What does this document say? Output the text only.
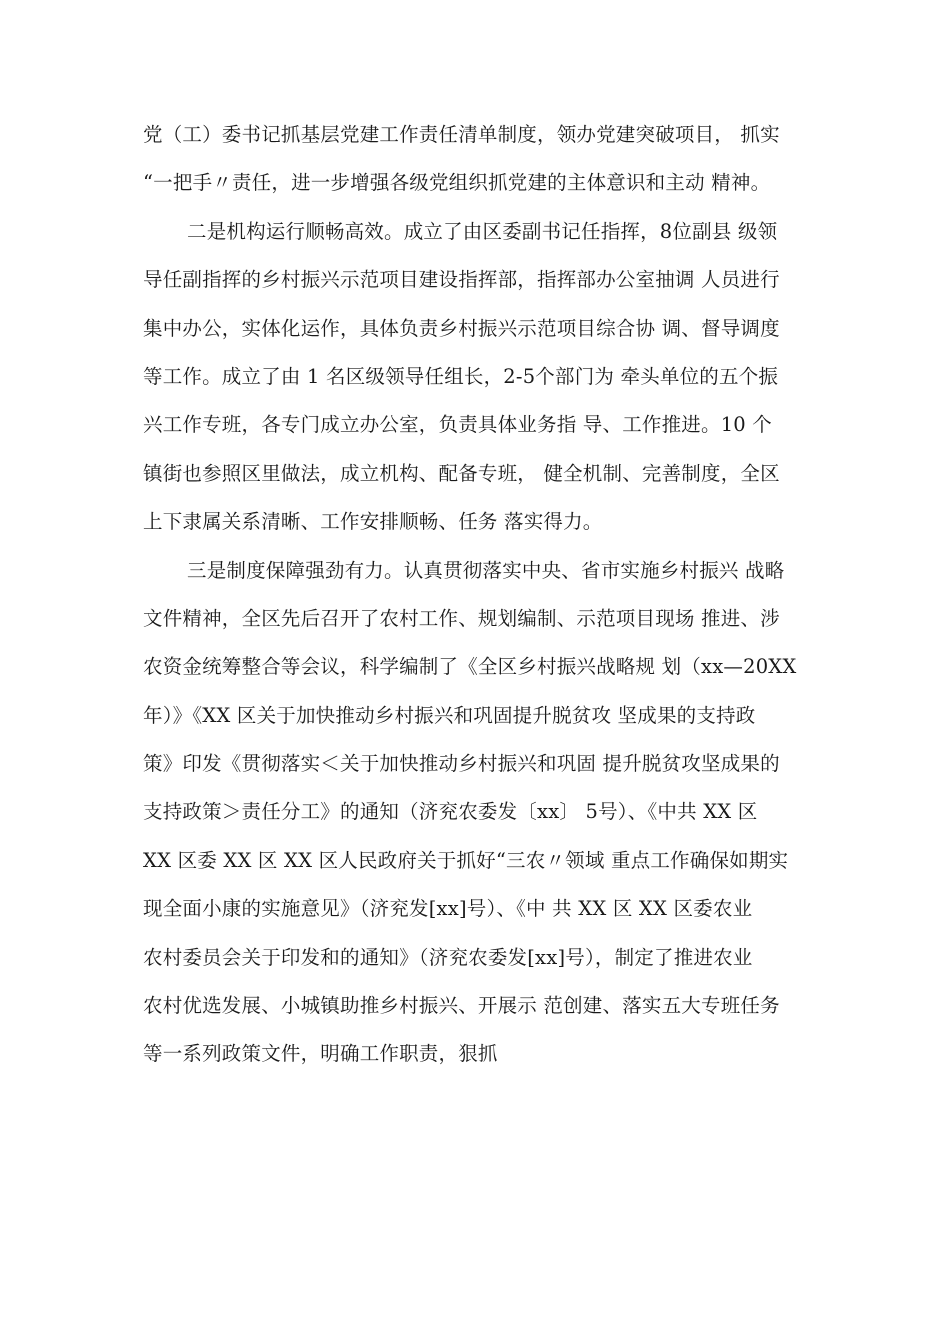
党（工）委书记抓基层党建工作责任清单制度，领办党建突破项目， 抓实
“一把手〃责任，进一步增强各级党组织抓党建的主体意识和主动 精神。
二是机构运行顺畅高效。成立了由区委副书记任指挥，8位副县 级领
导任副指挥的乡村振兴示范项目建设指挥部，指挥部办公室抽调 人员进行
集中办公，实体化运作，具体负责乡村振兴示范项目综合协 调、督导调度
等工作。成立了由 1 名区级领导任组长，2-5个部门为 牵头单位的五个振
兴工作专班，各专门成立办公室，负责具体业务指 导、工作推进。10 个
镇街也参照区里做法，成立机构、配备专班， 健全机制、完善制度，全区
上下隶属关系清晰、工作安排顺畅、任务 落实得力。
三是制度保障强劲有力。认真贯彻落实中央、省市实施乡村振兴 战略
文件精神，全区先后召开了农村工作、规划编制、示范项目现场 推进、涉
农资金统筹整合等会议，科学编制了《全区乡村振兴战略规 划（xx—20XX
年）》《XX 区关于加快推动乡村振兴和巩固提升脱贫攻 坚成果的支持政
策》印发《贯彻落实＜关于加快推动乡村振兴和巩固 提升脱贫攻坚成果的
支持政策＞责任分工》的通知（济兖农委发〔xx〕 5号）、《中共 XX 区
XX 区委 XX 区 XX 区人民政府关于抓好“三农〃领域 重点工作确保如期实
现全面小康的实施意见》（济兖发[xx]号）、《中 共 XX 区 XX 区委农业
农村委员会关于印发和的通知》（济兖农委发[xx]号），制定了推进农业
农村优选发展、小城镇助推乡村振兴、开展示 范创建、落实五大专班任务
等一系列政策文件，明确工作职责，狠抓
